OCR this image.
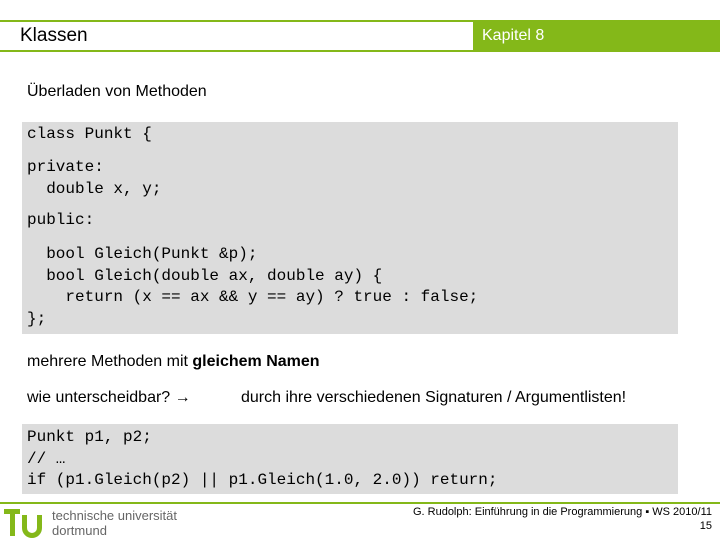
Klassen	Kapitel 8
Überladen von Methoden

class Punkt {

private:

double x, y;

public:

bool Gleich(Punkt &p);

bool Gleich(double ax, double ay) {

return (x == ax && y == ay) ? true : false;

};

mehrere Methoden mit gleichem Namen
wie unterscheidbar? →	durch ihre verschiedenen Signaturen / Argumentlisten!

Punkt p1, p2;

// …

if (p1.Gleich(p2) || p1.Gleich(1.0, 2.0)) return;

technische universität
dortmund
G. Rudolph: Einführung in die Programmierung ▪ WS 2010/11
15
